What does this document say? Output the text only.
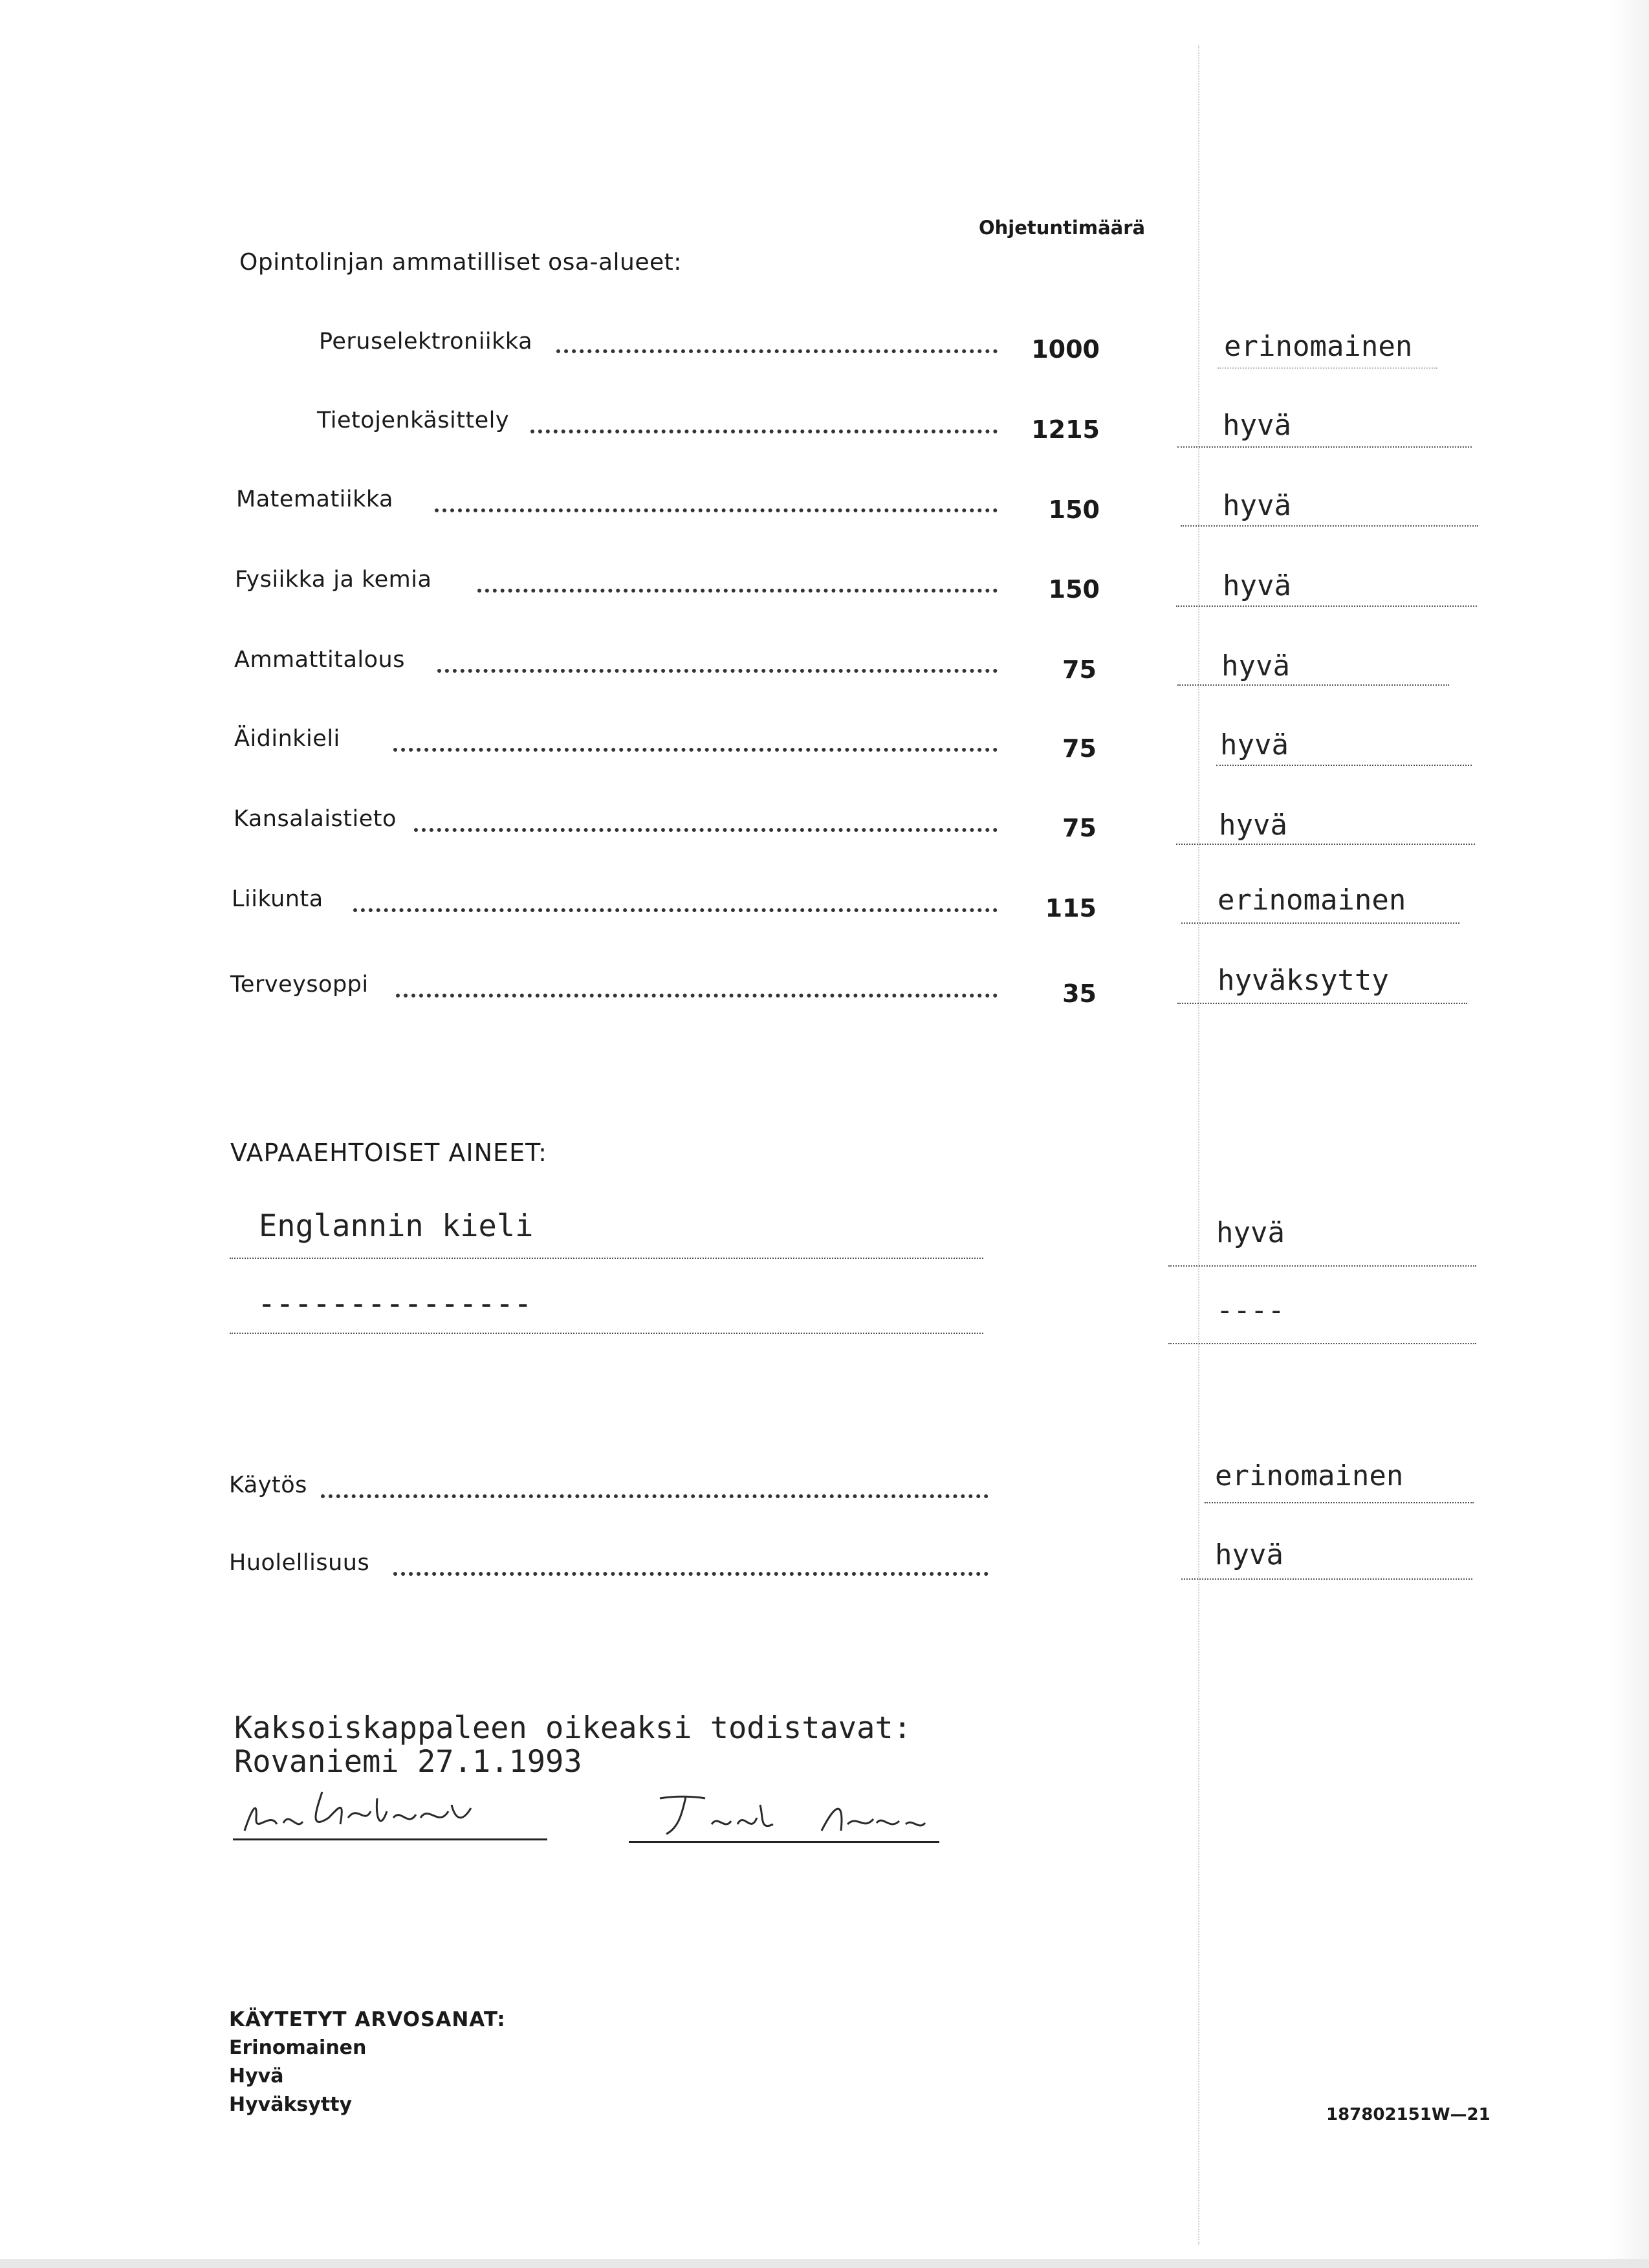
Ohjetuntimäärä
Opintolinjan ammatilliset osa-alueet:
Peruselektroniikka	1000	erinomainen
Tietojenkäsittely	1215	hyvä
Matematiikka	150	hyvä
Fysiikka ja kemia	150	hyvä
Ammattitalous	75	hyvä
Äidinkieli	75	hyvä
Kansalaistieto	75	hyvä
Liikunta	115	erinomainen
Terveysoppi	35	hyväksytty
VAPAAEHTOISET AINEET:
Englannin kieli	hyvä
---------------	----
Käytös	erinomainen
Huolellisuus	hyvä
Kaksoiskappaleen oikeaksi todistavat:
Rovaniemi 27.1.1993
KÄYTETYT ARVOSANAT:
Erinomainen
Hyvä
Hyväksytty	187802151W—21
